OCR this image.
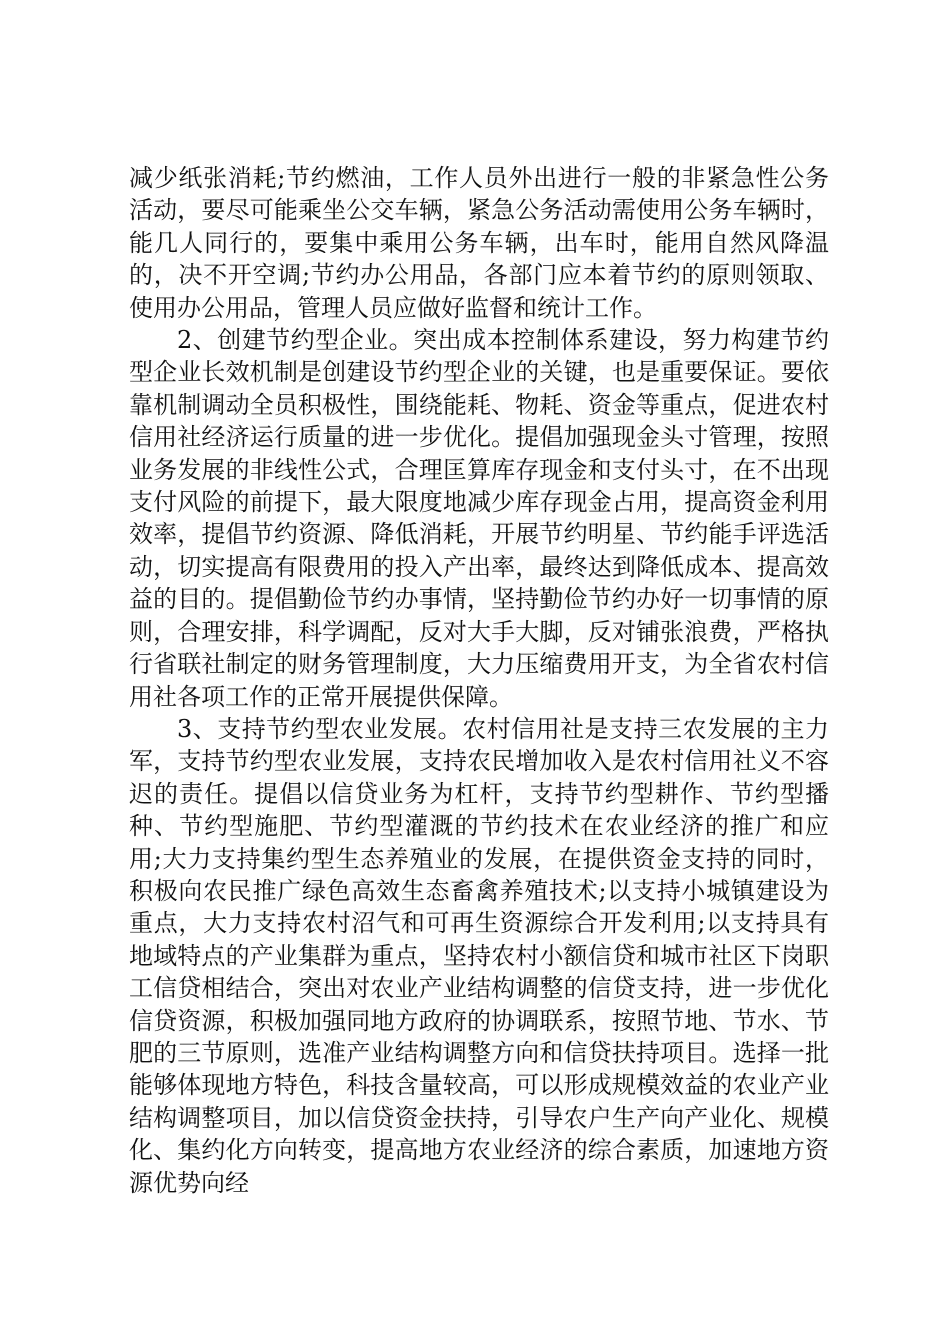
减少纸张消耗;节约燃油，工作人员外出进行一般的非紧急性公务活动，要尽可能乘坐公交车辆，紧急公务活动需使用公务车辆时，能几人同行的，要集中乘用公务车辆，出车时，能用自然风降温的，决不开空调;节约办公用品，各部门应本着节约的原则领取、使用办公用品，管理人员应做好监督和统计工作。

2、创建节约型企业。突出成本控制体系建设，努力构建节约型企业长效机制是创建设节约型企业的关键，也是重要保证。要依靠机制调动全员积极性，围绕能耗、物耗、资金等重点，促进农村信用社经济运行质量的进一步优化。提倡加强现金头寸管理，按照业务发展的非线性公式，合理匡算库存现金和支付头寸，在不出现支付风险的前提下，最大限度地减少库存现金占用，提高资金利用效率，提倡节约资源、降低消耗，开展节约明星、节约能手评选活动，切实提高有限费用的投入产出率，最终达到降低成本、提高效益的目的。提倡勤俭节约办事情，坚持勤俭节约办好一切事情的原则，合理安排，科学调配，反对大手大脚，反对铺张浪费，严格执行省联社制定的财务管理制度，大力压缩费用开支，为全省农村信用社各项工作的正常开展提供保障。

3、支持节约型农业发展。农村信用社是支持三农发展的主力军，支持节约型农业发展，支持农民增加收入是农村信用社义不容迟的责任。提倡以信贷业务为杠杆，支持节约型耕作、节约型播种、节约型施肥、节约型灌溉的节约技术在农业经济的推广和应用;大力支持集约型生态养殖业的发展，在提供资金支持的同时，积极向农民推广绿色高效生态畜禽养殖技术;以支持小城镇建设为重点，大力支持农村沼气和可再生资源综合开发利用;以支持具有地域特点的产业集群为重点，坚持农村小额信贷和城市社区下岗职工信贷相结合，突出对农业产业结构调整的信贷支持，进一步优化信贷资源，积极加强同地方政府的协调联系，按照节地、节水、节肥的三节原则，选准产业结构调整方向和信贷扶持项目。选择一批能够体现地方特色，科技含量较高，可以形成规模效益的农业产业结构调整项目，加以信贷资金扶持，引导农户生产向产业化、规模化、集约化方向转变，提高地方农业经济的综合素质，加速地方资源优势向经
